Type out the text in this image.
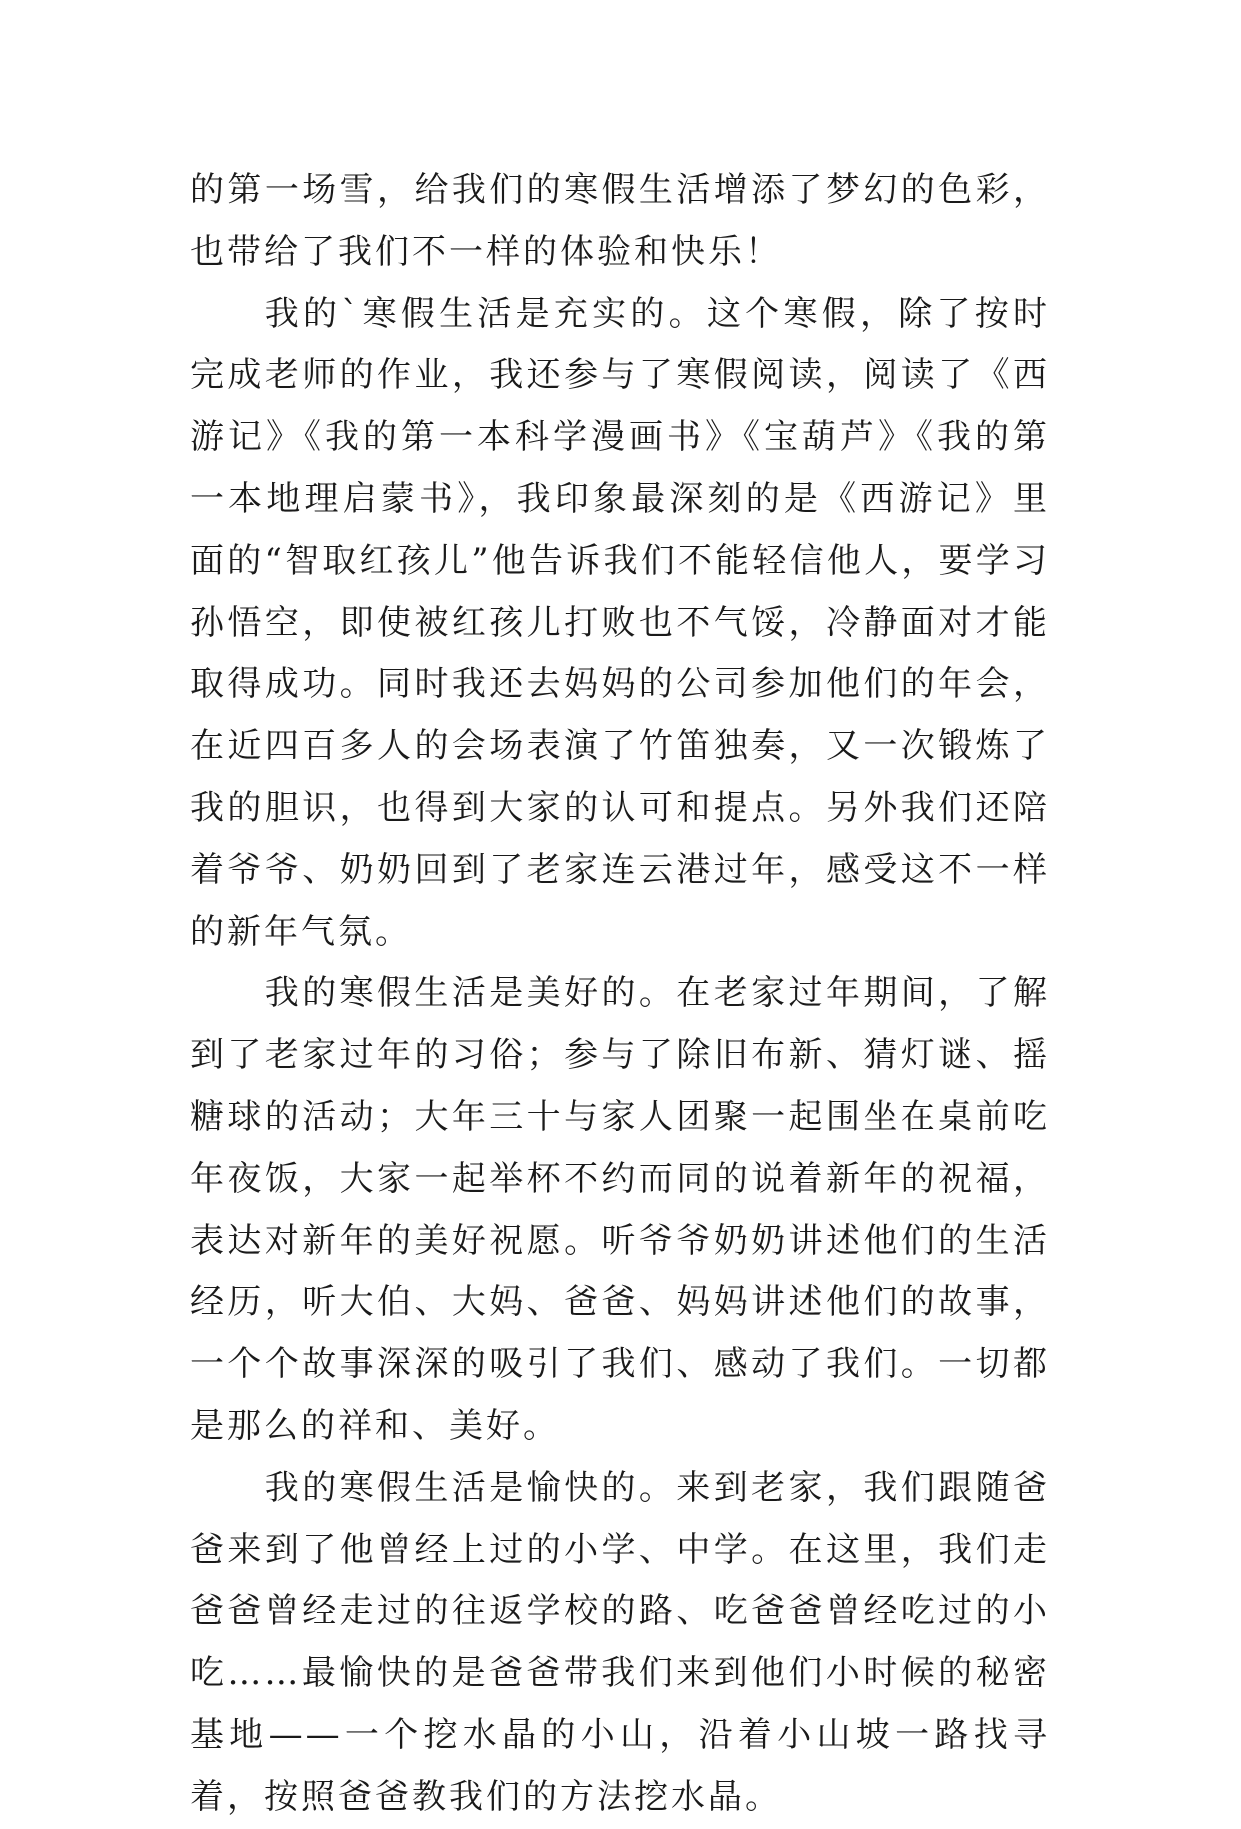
的第一场雪，给我们的寒假生活增添了梦幻的色彩，也带给了我们不一样的体验和快乐！

我的`寒假生活是充实的。这个寒假，除了按时完成老师的作业，我还参与了寒假阅读，阅读了《西游记》《我的第一本科学漫画书》《宝葫芦》《我的第一本地理启蒙书》，我印象最深刻的是《西游记》里面的“智取红孩儿”他告诉我们不能轻信他人，要学习孙悟空，即使被红孩儿打败也不气馁，冷静面对才能取得成功。同时我还去妈妈的公司参加他们的年会，在近四百多人的会场表演了竹笛独奏，又一次锻炼了我的胆识，也得到大家的认可和提点。另外我们还陪着爷爷、奶奶回到了老家连云港过年，感受这不一样的新年气氛。

我的寒假生活是美好的。在老家过年期间，了解到了老家过年的习俗；参与了除旧布新、猜灯谜、摇糖球的活动；大年三十与家人团聚一起围坐在桌前吃年夜饭，大家一起举杯不约而同的说着新年的祝福，表达对新年的美好祝愿。听爷爷奶奶讲述他们的生活经历，听大伯、大妈、爸爸、妈妈讲述他们的故事，一个个故事深深的吸引了我们、感动了我们。一切都是那么的祥和、美好。

我的寒假生活是愉快的。来到老家，我们跟随爸爸来到了他曾经上过的小学、中学。在这里，我们走爸爸曾经走过的往返学校的路、吃爸爸曾经吃过的小吃……最愉快的是爸爸带我们来到他们小时候的秘密基地——一个挖水晶的小山，沿着小山坡一路找寻着，按照爸爸教我们的方法挖水晶。
